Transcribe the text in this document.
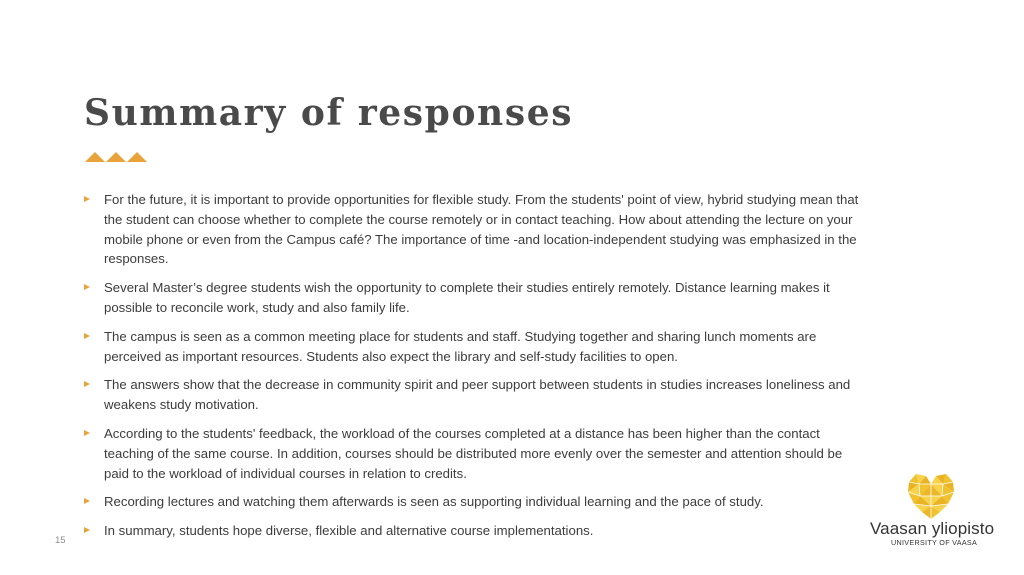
Summary of responses
For the future, it is important to provide opportunities for flexible study. From the students' point of view, hybrid studying mean that the student can choose whether to complete the course remotely or in contact teaching. How about attending the lecture on your mobile phone or even from the Campus café? The importance of time -and location-independent studying was emphasized in the responses.
Several Master’s degree students wish the opportunity to complete their studies entirely remotely. Distance learning makes it possible to reconcile work, study and also family life.
The campus is seen as a common meeting place for students and staff. Studying together and sharing lunch moments are perceived as important resources. Students also expect the library and self-study facilities to open.
The answers show that the decrease in community spirit and peer support between students in studies increases loneliness and weakens study motivation.
According to the students' feedback, the workload of the courses completed at a distance has been higher than the contact teaching of the same course. In addition, courses should be distributed more evenly over the semester and attention should be paid to the workload of individual courses in relation to credits.
Recording lectures and watching them afterwards is seen as supporting individual learning and the pace of study.
In summary, students hope diverse, flexible and alternative course implementations.
15
Vaasan yliopisto
UNIVERSITY OF VAASA
